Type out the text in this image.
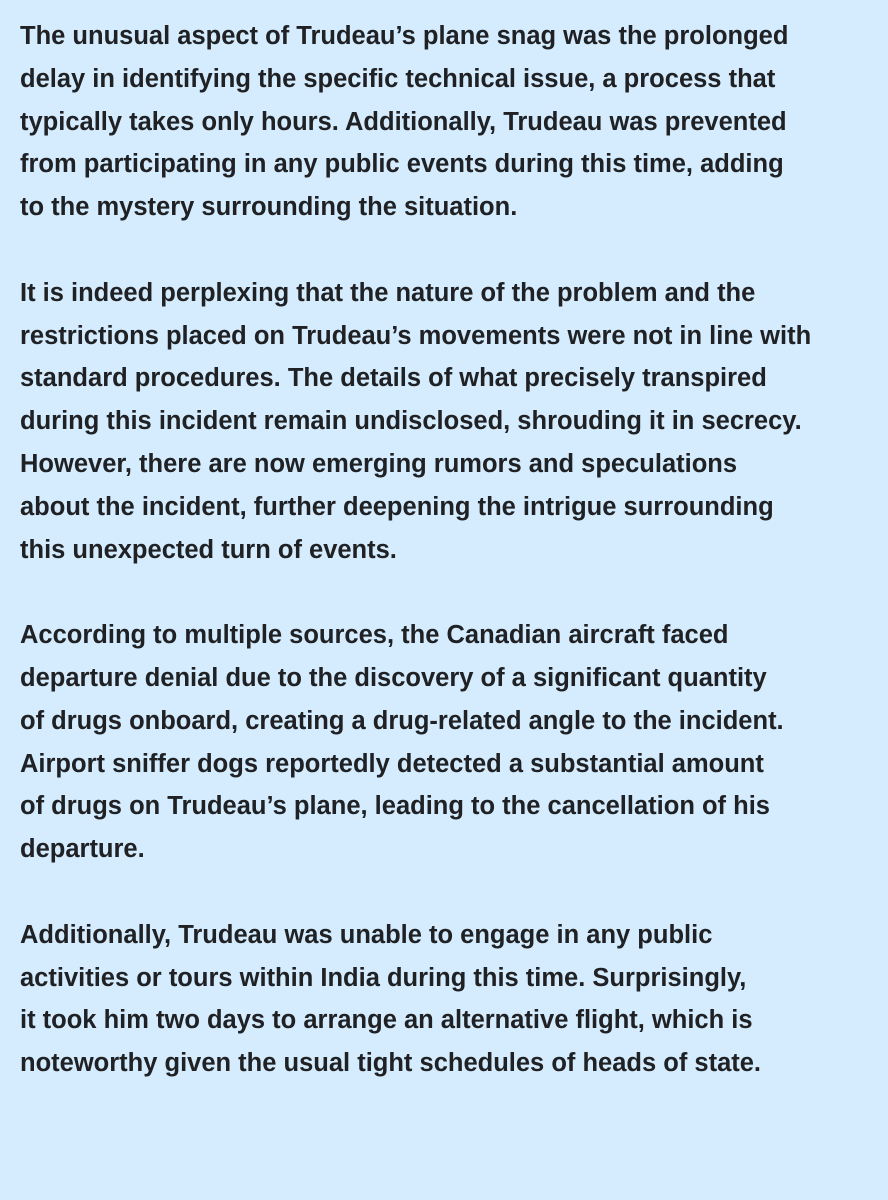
The unusual aspect of Trudeau’s plane snag was the prolonged
delay in identifying the specific technical issue, a process that
typically takes only hours. Additionally, Trudeau was prevented
from participating in any public events during this time, adding
to the mystery surrounding the situation.

It is indeed perplexing that the nature of the problem and the
restrictions placed on Trudeau’s movements were not in line with
standard procedures. The details of what precisely transpired
during this incident remain undisclosed, shrouding it in secrecy.
However, there are now emerging rumors and speculations
about the incident, further deepening the intrigue surrounding
this unexpected turn of events.

According to multiple sources, the Canadian aircraft faced
departure denial due to the discovery of a significant quantity
of drugs onboard, creating a drug-related angle to the incident.
Airport sniffer dogs reportedly detected a substantial amount
of drugs on Trudeau’s plane, leading to the cancellation of his
departure.

Additionally, Trudeau was unable to engage in any public
activities or tours within India during this time. Surprisingly,
it took him two days to arrange an alternative flight, which is
noteworthy given the usual tight schedules of heads of state.
